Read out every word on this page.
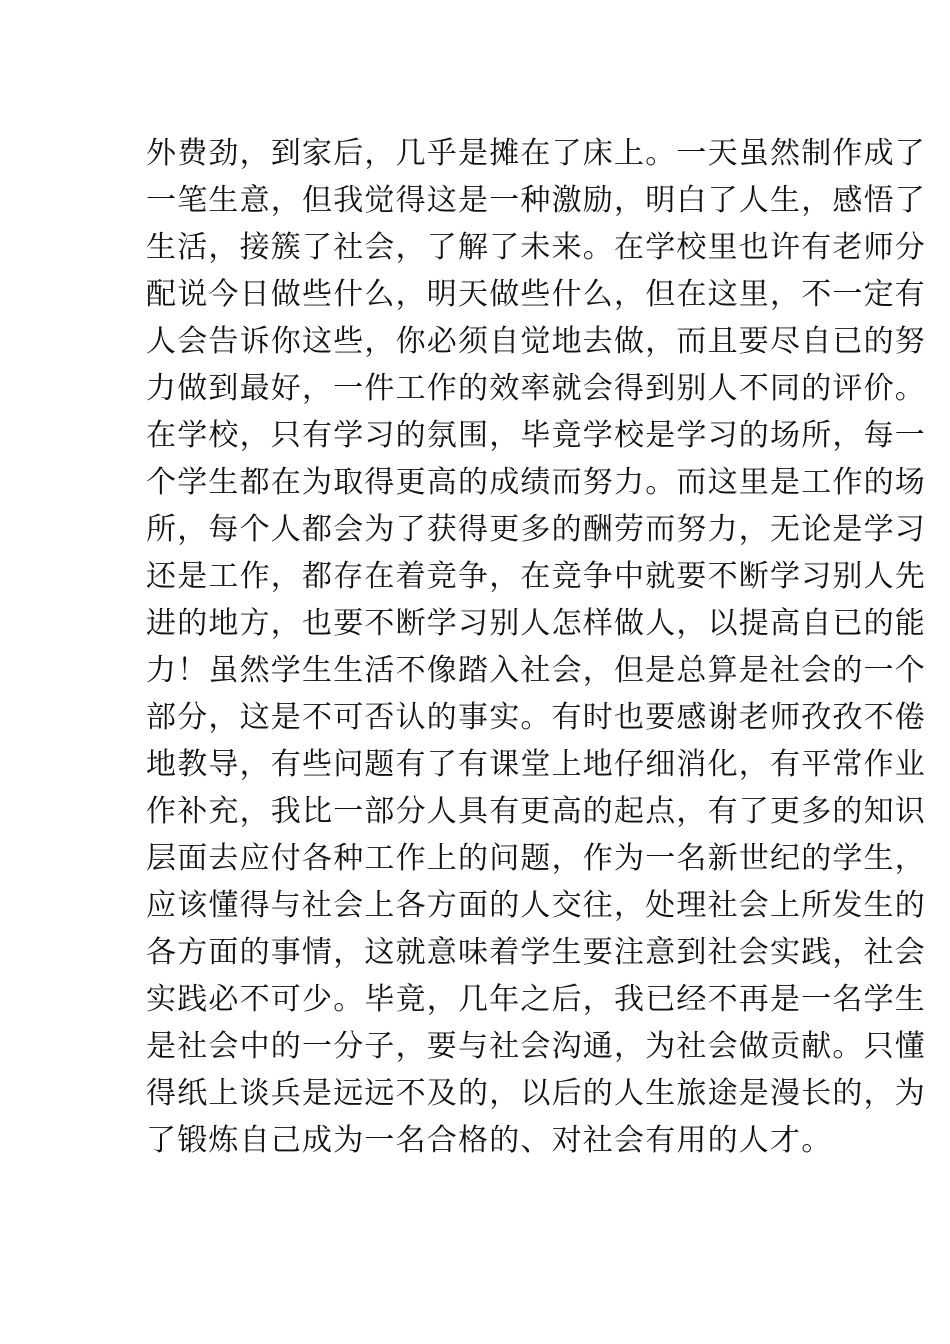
外费劲，到家后，几乎是摊在了床上。一天虽然制作成了
一笔生意，但我觉得这是一种激励，明白了人生，感悟了
生活，接簇了社会，了解了未来。在学校里也许有老师分
配说今日做些什么，明天做些什么，但在这里，不一定有
人会告诉你这些，你必须自觉地去做，而且要尽自已的努
力做到最好，一件工作的效率就会得到别人不同的评价。
在学校，只有学习的氛围，毕竟学校是学习的场所，每一
个学生都在为取得更高的成绩而努力。而这里是工作的场
所，每个人都会为了获得更多的酬劳而努力，无论是学习
还是工作，都存在着竞争，在竞争中就要不断学习别人先
进的地方，也要不断学习别人怎样做人，以提高自已的能
力！虽然学生生活不像踏入社会，但是总算是社会的一个
部分，这是不可否认的事实。有时也要感谢老师孜孜不倦
地教导，有些问题有了有课堂上地仔细消化，有平常作业
作补充，我比一部分人具有更高的起点，有了更多的知识
层面去应付各种工作上的问题，作为一名新世纪的学生，
应该懂得与社会上各方面的人交往，处理社会上所发生的
各方面的事情，这就意味着学生要注意到社会实践，社会
实践必不可少。毕竟，几年之后，我已经不再是一名学生
是社会中的一分子，要与社会沟通，为社会做贡献。只懂
得纸上谈兵是远远不及的，以后的人生旅途是漫长的，为
了锻炼自己成为一名合格的、对社会有用的人才。
